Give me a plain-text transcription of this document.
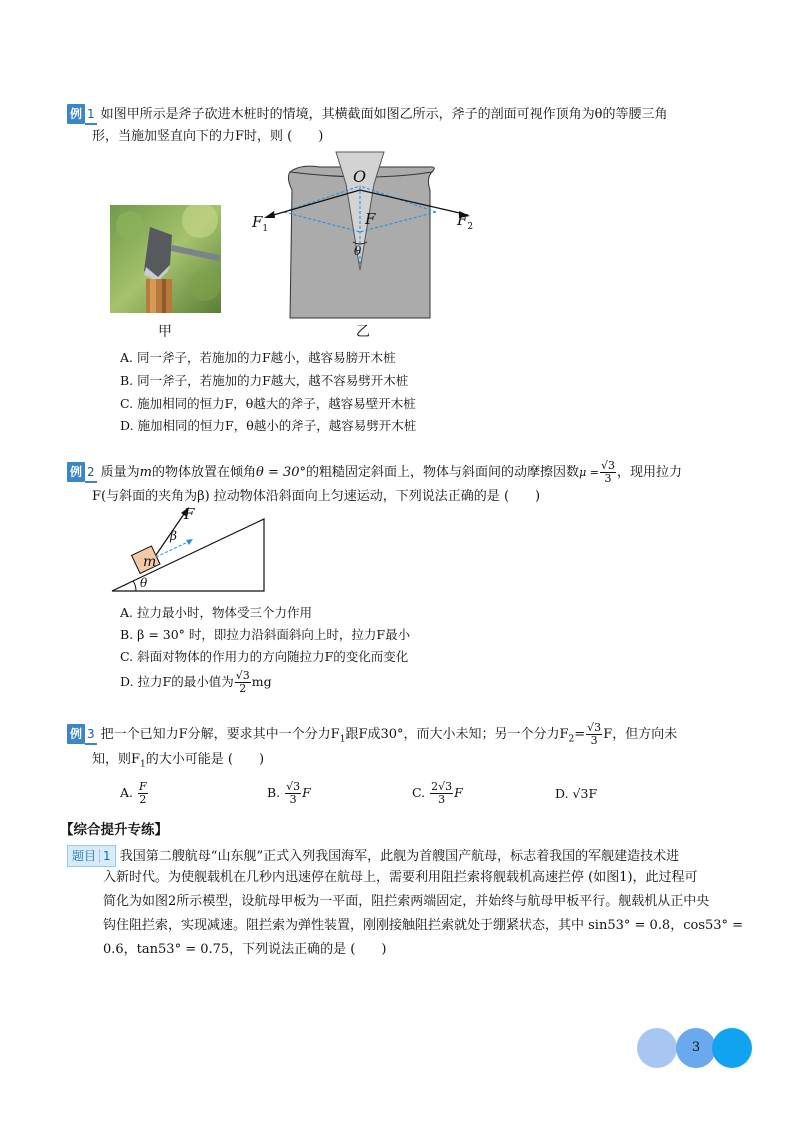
例 1 如图甲所示是斧子砍进木桩时的情境，其横截面如图乙所示，斧子的剖面可视作顶角为θ的等腰三角
形，当施加竖直向下的力F时，则 (　　)
甲
O
F
$F_1$	$F_2$
θ
乙
A. 同一斧子，若施加的力F越小，越容易膀开木桩
B. 同一斧子，若施加的力F越大，越不容易劈开木桩
C. 施加相同的恒力F，θ越大的斧子，越容易壁开木桩
D. 施加相同的恒力F，θ越小的斧子，越容易劈开木桩
例 2 质量为m的物体放置在倾角θ = 30°的粗糙固定斜面上，物体与斜面间的动摩擦因数$\mu = \frac{√3}{3}$ ，现用拉力
F(与斜面的夹角为β) 拉动物体沿斜面向上匀速运动，下列说法正确的是 (　　)
F
β
m
θ
A. 拉力最小时，物体受三个力作用
B. β = 30° 时，即拉力沿斜面斜向上时，拉力F最小
C. 斜面对物体的作用力的方向随拉力F的变化而变化
D. 拉力F的最小值为 $\frac{√3}{2}$ mg
例 3 把一个已知力F分解，要求其中一个分力$F_1$跟F成30°，而大小未知；另一个分力$F_2= \frac{√3}{3}$ F，但方向未
知，则$F_1$的大小可能是 (　　)
A. $\frac{F}{2}$	B. $\frac{√3}{3}$ F	C. $\frac{2√3}{3}$ F	D. √3F
【综合提升专练】
题目 1 我国第二艘航母“山东舰”正式入列我国海军，此舰为首艘国产航母，标志着我国的军舰建造技术进
入新时代。为使舰载机在几秒内迅速停在航母上，需要利用阻拦索将舰载机高速拦停 (如图1)，此过程可
简化为如图2所示模型，设航母甲板为一平面，阻拦索两端固定，并始终与航母甲板平行。舰载机从正中央
钩住阻拦索，实现减速。阻拦索为弹性装置，刚刚接触阻拦索就处于绷紧状态，其中 sin53° = 0.8，cos53° =
0.6，tan53° = 0.75，下列说法正确的是 (　　)
3
